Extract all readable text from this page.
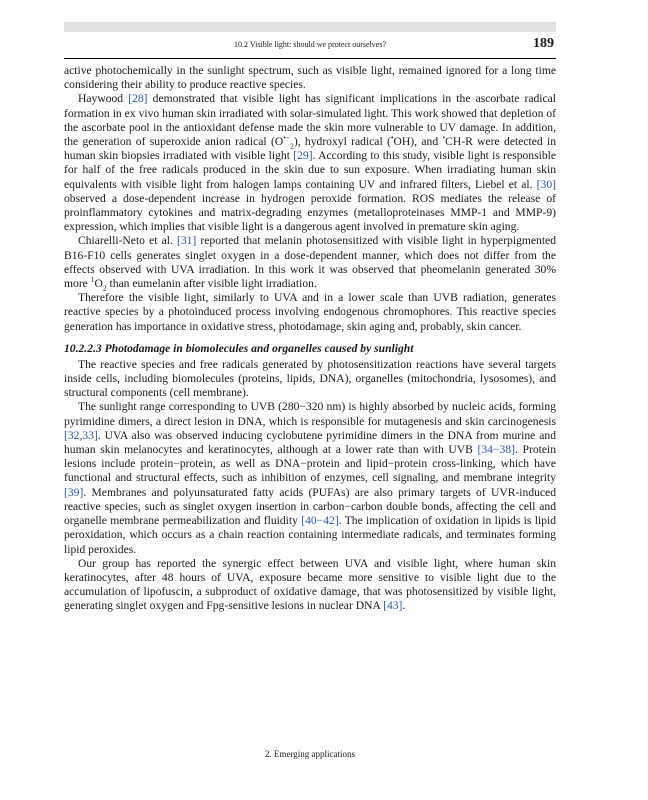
10.2 Visible light: should we protect ourselves?	189

active photochemically in the sunlight spectrum, such as visible light, remained ignored for a long time considering their ability to produce reactive species.

Haywood [28] demonstrated that visible light has significant implications in the ascorbate radical formation in ex vivo human skin irradiated with solar-simulated light. This work showed that depletion of the ascorbate pool in the antioxidant defense made the skin more vulnerable to UV damage. In addition, the generation of superoxide anion radical $(O^{•-}_2)$, hydroxyl radical (•OH), and •CH-R were detected in human skin biopsies irradiated with visible light [29]. According to this study, visible light is responsible for half of the free radicals produced in the skin due to sun exposure. When irradiating human skin equivalents with visible light from halogen lamps containing UV and infrared filters, Liebel et al. [30] observed a dose-dependent increase in hydrogen peroxide formation. ROS mediates the release of proinflammatory cytokines and matrix-degrading enzymes (metalloproteinases MMP-1 and MMP-9) expression, which implies that visible light is a dangerous agent involved in premature skin aging.

Chiarelli-Neto et al. [31] reported that melanin photosensitized with visible light in hyperpigmented B16-F10 cells generates singlet oxygen in a dose-dependent manner, which does not differ from the effects observed with UVA irradiation. In this work it was observed that pheomelanin generated 30% more $^1O_2$ than eumelanin after visible light irradiation.

Therefore the visible light, similarly to UVA and in a lower scale than UVB radiation, generates reactive species by a photoinduced process involving endogenous chromophores. This reactive species generation has importance in oxidative stress, photodamage, skin aging and, probably, skin cancer.

10.2.2.3 Photodamage in biomolecules and organelles caused by sunlight

The reactive species and free radicals generated by photosensitization reactions have several targets inside cells, including biomolecules (proteins, lipids, DNA), organelles (mitochondria, lysosomes), and structural components (cell membrane).

The sunlight range corresponding to UVB (280−320 nm) is highly absorbed by nucleic acids, forming pyrimidine dimers, a direct lesion in DNA, which is responsible for mutagenesis and skin carcinogenesis [32,33]. UVA also was observed inducing cyclobutene pyrimidine dimers in the DNA from murine and human skin melanocytes and keratinocytes, although at a lower rate than with UVB [34−38]. Protein lesions include protein−protein, as well as DNA−protein and lipid−protein cross-linking, which have functional and structural effects, such as inhibition of enzymes, cell signaling, and membrane integrity [39]. Membranes and polyunsaturated fatty acids (PUFAs) are also primary targets of UVR-induced reactive species, such as singlet oxygen insertion in carbon−carbon double bonds, affecting the cell and organelle membrane permeabilization and fluidity [40−42]. The implication of oxidation in lipids is lipid peroxidation, which occurs as a chain reaction containing intermediate radicals, and terminates forming lipid peroxides.

Our group has reported the synergic effect between UVA and visible light, where human skin keratinocytes, after 48 hours of UVA, exposure became more sensitive to visible light due to the accumulation of lipofuscin, a subproduct of oxidative damage, that was photosensitized by visible light, generating singlet oxygen and Fpg-sensitive lesions in nuclear DNA [43].

2. Emerging applications
